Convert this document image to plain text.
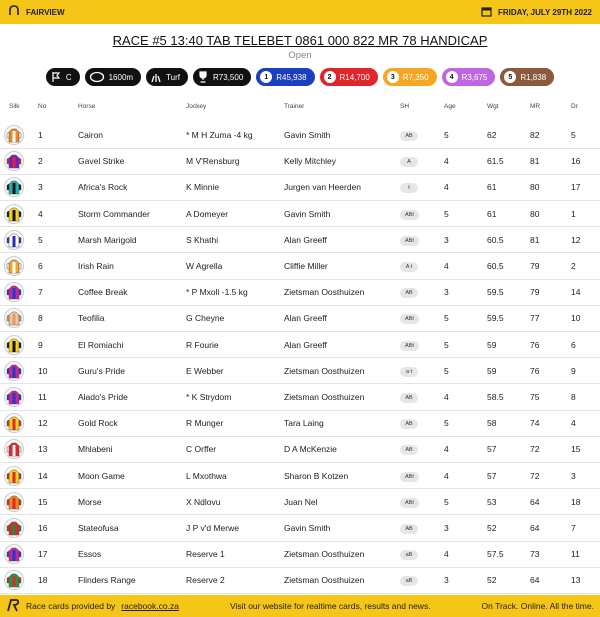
FAIRVIEW	FRIDAY, JULY 29TH 2022
RACE #5 13:40 TAB TELEBET 0861 000 822 MR 78 HANDICAP
Open
C	1600m	Turf	R73,500	1	R45,938	2	R14,700	3	R7,350	4	R3,675	5	R1,838
Silk	No	Horse	Jockey	Trainer	SH	Age	Wgt	MR	Dr
	1	Cairon	* M H Zuma -4 kg	Gavin Smith	AB	5	62	82	5

	2	Gavel Strike	M V'Rensburg	Kelly Mitchley	A	4	61.5	81	16

	3	Africa's Rock	K Minnie	Jurgen van Heerden	t	4	61	80	17

	4	Storm Commander	A Domeyer	Gavin Smith	ABt	5	61	80	1

	5	Marsh Marigold	S Khathi	Alan Greeff	ABt	3	60.5	81	12

	6	Irish Rain	W Agrella	Cliffie Miller	A t	4	60.5	79	2

	7	Coffee Break	* P Mxoli -1.5 kg	Zietsman Oosthuizen	AB	3	59.5	79	14

	8	Teofilia	G Cheyne	Alan Greeff	ABt	5	59.5	77	10

	9	El Romiachi	R Fourie	Alan Greeff	ABt	5	59	76	6

	10	Guru's Pride	E Webber	Zietsman Oosthuizen	a t	5	59	76	9

	11	Alado's Pride	* K Strydom	Zietsman Oosthuizen	AB	4	58.5	75	8

	12	Gold Rock	R Munger	Tara Laing	AB	5	58	74	4

	13	Mhlabeni	C Orffer	D A McKenzie	AB	4	57	72	15

	14	Moon Game	L Mxothwa	Sharon B Kotzen	ABt	4	57	72	3

	15	Morse	X Ndlovu	Juan Nel	ABt	5	53	64	18

	16	Stateofusa	J P v'd Merwe	Gavin Smith	AB	3	52	64	7

	17	Essos	Reserve 1	Zietsman Oosthuizen	aB	4	57.5	73	11

	18	Flinders Range	Reserve 2	Zietsman Oosthuizen	aB	3	52	64	13
Race cards provided by racebook.co.za	Visit our website for realtime cards, results and news.	On Track. Online. All the time.
